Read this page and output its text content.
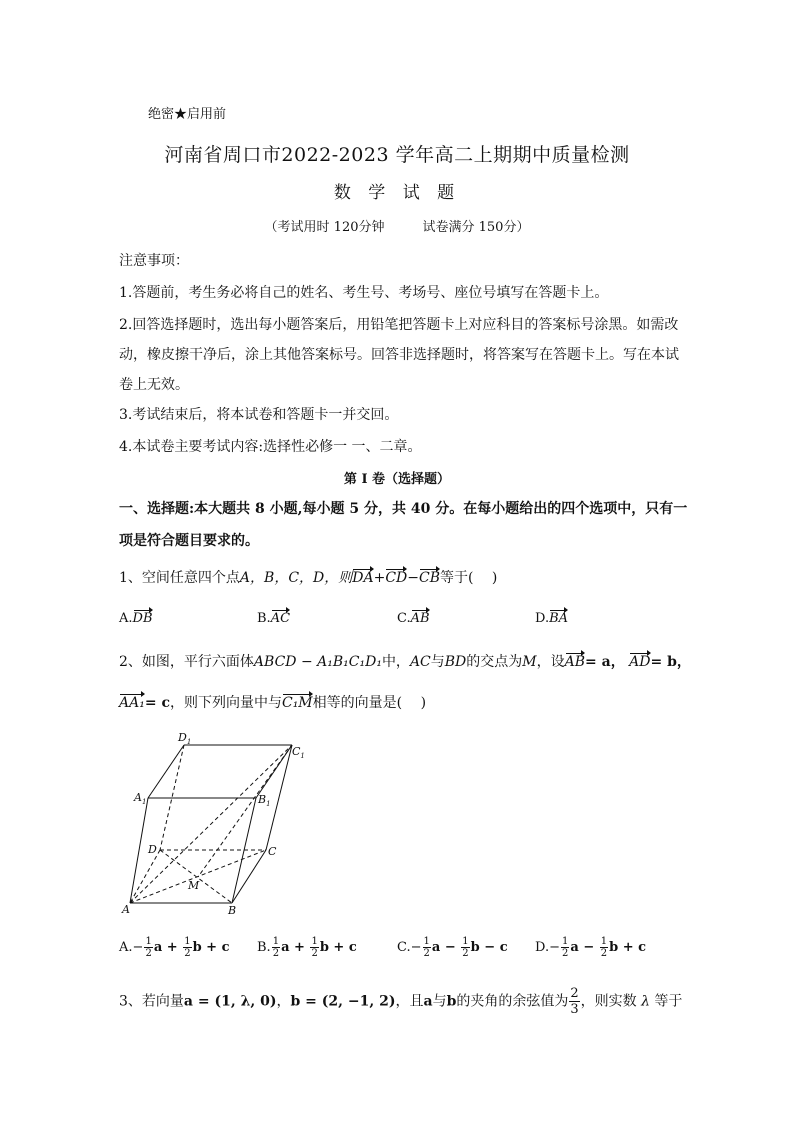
绝密★启用前
河南省周口市2022-2023 学年高二上期期中质量检测
数 学 试 题
（考试用时 120分钟	试卷满分 150分）
注意事项：
1.答题前，考生务必将自己的姓名、考生号、考场号、座位号填写在答题卡上。
2.回答选择题时，选出每小题答案后，用铅笔把答题卡上对应科目的答案标号涂黑。如需改
动，橡皮擦干净后，涂上其他答案标号。回答非选择题时，将答案写在答题卡上。写在本试
卷上无效。
3.考试结束后，将本试卷和答题卡一并交回。
4.本试卷主要考试内容:选择性必修一 一、二章。
第 I 卷（选择题）
一、选择题:本大题共 8 小题,每小题 5 分，共 40 分。在每小题给出的四个选项中，只有一
项是符合题目要求的。
1、空间任意四个点A，B，C，D，则DA+CD−CB等于(　 )
A.DB	B.AC	C.AB	D.BA
2、如图，平行六面体ABCD − A₁B₁C₁D₁中，AC与BD的交点为M，设AB= a， AD= b，
AA₁= c，则下列向量中与C₁M相等的向量是(　 )
$D_1$
$C_1$
$A_1$	$B_1$
D	C
M
A	B
$A.- \frac{1}{2}$ $a + \frac{1}{2}$ b + c B. $\frac{1}{2}$ $a + \frac{1}{2}$ b + c	$C.- \frac{1}{2}$ $a - \frac{1}{2}$ b − c $D.- \frac{1}{2}$ $a - \frac{1}{2}$ b + c
3、若向量a = (1, λ, 0)，b = (2, −1, 2)，且a与b的夹角的余弦值为 $\frac{2}{3}$ ，则实数 λ 等于
